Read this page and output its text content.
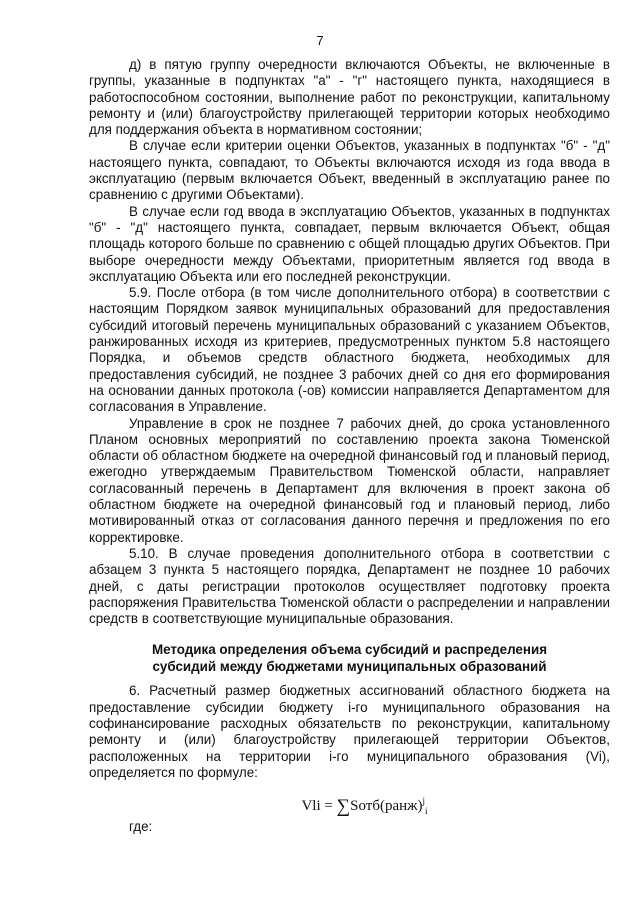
7

д) в пятую группу очередности включаются Объекты, не включенные в группы, указанные в подпунктах "а" - "г" настоящего пункта, находящиеся в работоспособном состоянии, выполнение работ по реконструкции, капитальному ремонту и (или) благоустройству прилегающей территории которых необходимо для поддержания объекта в нормативном состоянии;

В случае если критерии оценки Объектов, указанных в подпунктах "б" - "д" настоящего пункта, совпадают, то Объекты включаются исходя из года ввода в эксплуатацию (первым включается Объект, введенный в эксплуатацию ранее по сравнению с другими Объектами).

В случае если год ввода в эксплуатацию Объектов, указанных в подпунктах "б" - "д" настоящего пункта, совпадает, первым включается Объект, общая площадь которого больше по сравнению с общей площадью других Объектов. При выборе очередности между Объектами, приоритетным является год ввода в эксплуатацию Объекта или его последней реконструкции.

5.9. После отбора (в том числе дополнительного отбора) в соответствии с настоящим Порядком заявок муниципальных образований для предоставления субсидий итоговый перечень муниципальных образований с указанием Объектов, ранжированных исходя из критериев, предусмотренных пунктом 5.8 настоящего Порядка, и объемов средств областного бюджета, необходимых для предоставления субсидий, не позднее 3 рабочих дней со дня его формирования на основании данных протокола (-ов) комиссии направляется Департаментом для согласования в Управление.

Управление в срок не позднее 7 рабочих дней, до срока установленного Планом основных мероприятий по составлению проекта закона Тюменской области об областном бюджете на очередной финансовый год и плановый период, ежегодно утверждаемым Правительством Тюменской области, направляет согласованный перечень в Департамент для включения в проект закона об областном бюджете на очередной финансовый год и плановый период, либо мотивированный отказ от согласования данного перечня и предложения по его корректировке.

5.10. В случае проведения дополнительного отбора в соответствии с абзацем 3 пункта 5 настоящего порядка, Департамент не позднее 10 рабочих дней, с даты регистрации протоколов осуществляет подготовку проекта распоряжения Правительства Тюменской области о распределении и направлении средств в соответствующие муниципальные образования.

Методика определения объема субсидий и распределения
субсидий между бюджетами муниципальных образований

6. Расчетный размер бюджетных ассигнований областного бюджета на предоставление субсидии бюджету i-го муниципального образования на софинансирование расходных обязательств по реконструкции, капитальному ремонту и (или) благоустройству прилегающей территории Объектов, расположенных на территории i-го муниципального образования (Vi), определяется по формуле:

Vli = ∑Sотб(ранж)$^j_i$

где:
